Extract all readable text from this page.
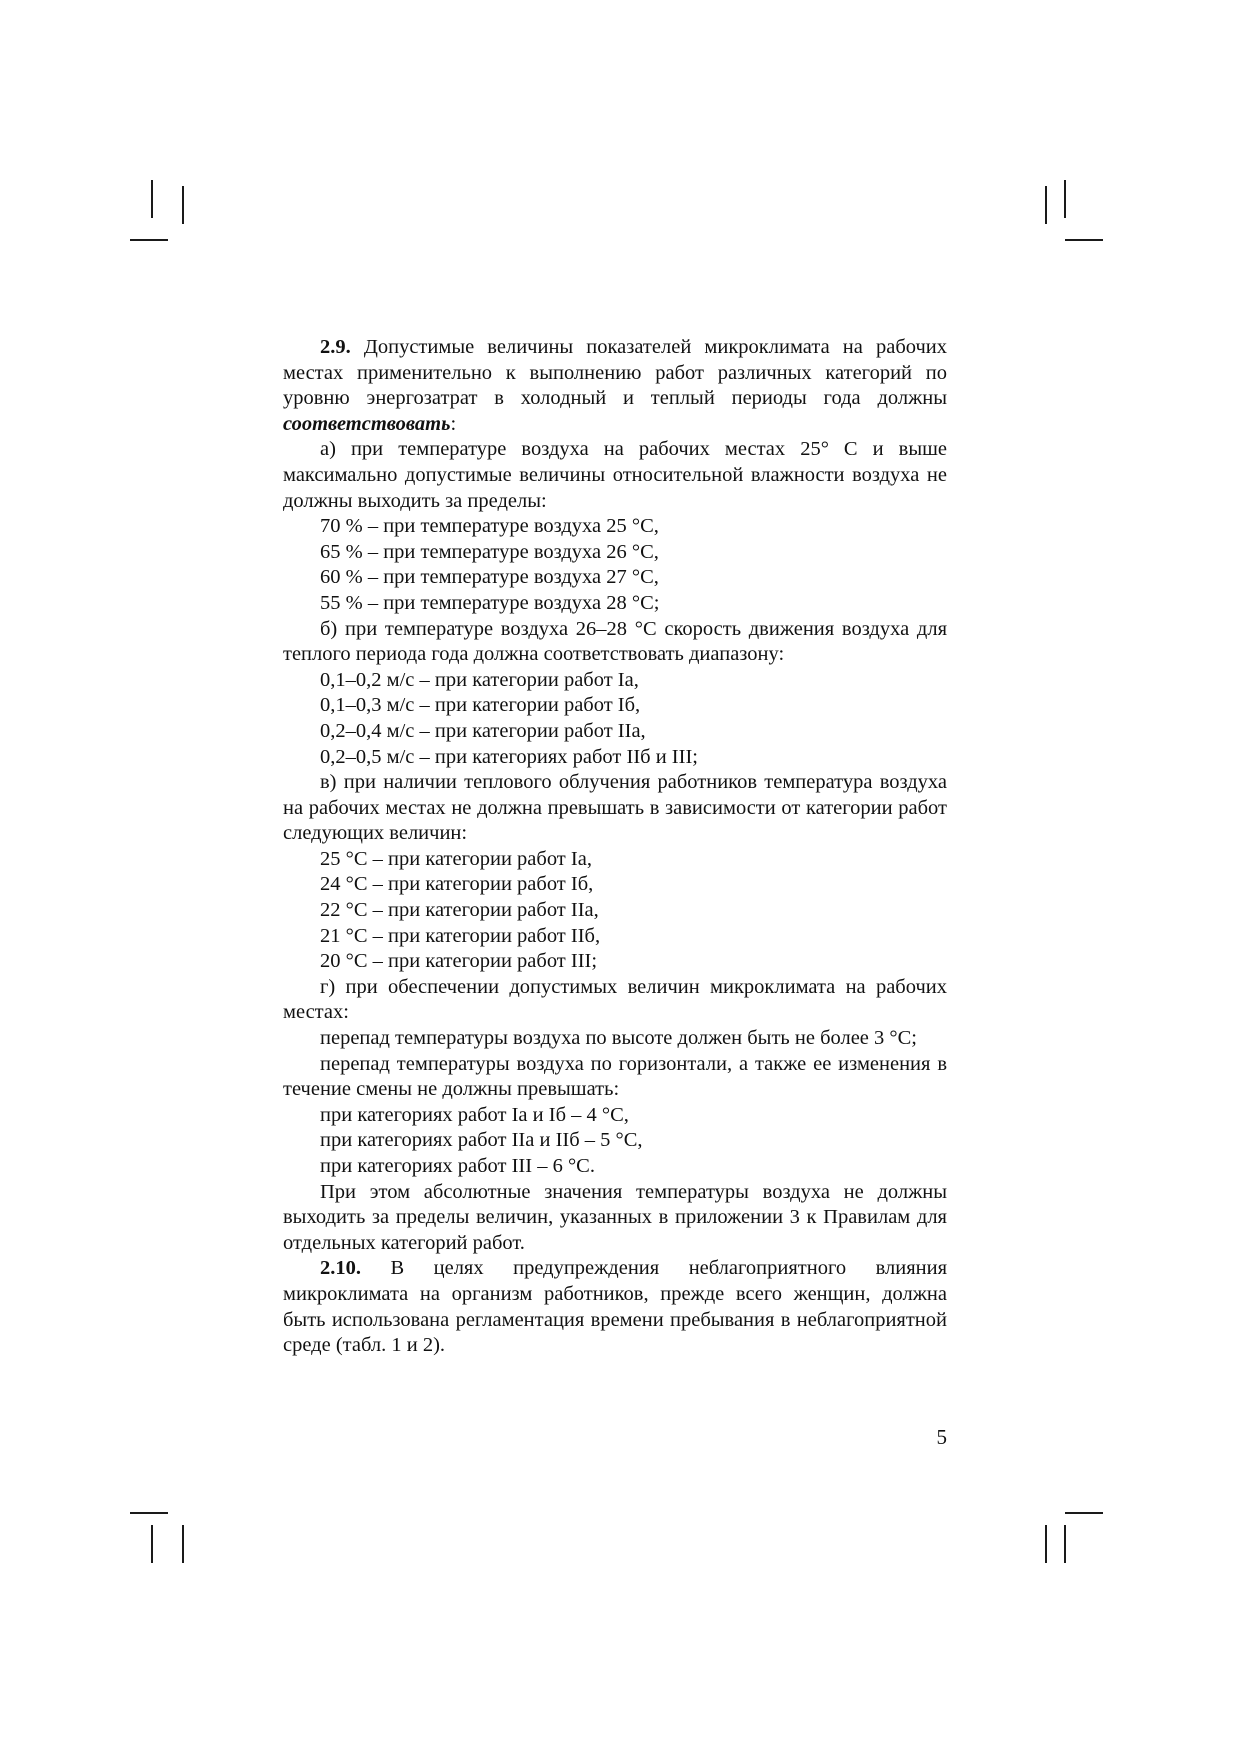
2.9. Допустимые величины показателей микроклимата на рабочих местах применительно к выполнению работ различных категорий по уровню энергозатрат в холодный и теплый периоды года должны соответствовать:

а) при температуре воздуха на рабочих местах 25° С и выше максимально допустимые величины относительной влажности воздуха не должны выходить за пределы:

70 % – при температуре воздуха 25 °С,

65 % – при температуре воздуха 26 °С,

60 % – при температуре воздуха 27 °С,

55 % – при температуре воздуха 28 °С;

б) при температуре воздуха 26–28 °С скорость движения воздуха для теплого периода года должна соответствовать диапазону:

0,1–0,2 м/с – при категории работ Iа,

0,1–0,3 м/с – при категории работ Iб,

0,2–0,4 м/с – при категории работ IIа,

0,2–0,5 м/с – при категориях работ IIб и III;

в) при наличии теплового облучения работников температура воздуха на рабочих местах не должна превышать в зависимости от категории работ следующих величин:

25 °С – при категории работ Iа,

24 °С – при категории работ Iб,

22 °С – при категории работ IIа,

21 °С – при категории работ IIб,

20 °С – при категории работ III;

г) при обеспечении допустимых величин микроклимата на рабочих местах:

перепад температуры воздуха по высоте должен быть не более 3 °С;

перепад температуры воздуха по горизонтали, а также ее изменения в течение смены не должны превышать:

при категориях работ Iа и Iб – 4 °С,

при категориях работ IIа и IIб – 5 °С,

при категориях работ III – 6 °С.

При этом абсолютные значения температуры воздуха не должны выходить за пределы величин, указанных в приложении 3 к Правилам для отдельных категорий работ.

2.10. В целях предупреждения неблагоприятного влияния микроклимата на организм работников, прежде всего женщин, должна быть использована регламентация времени пребывания в неблагоприятной среде (табл. 1 и 2).

5
